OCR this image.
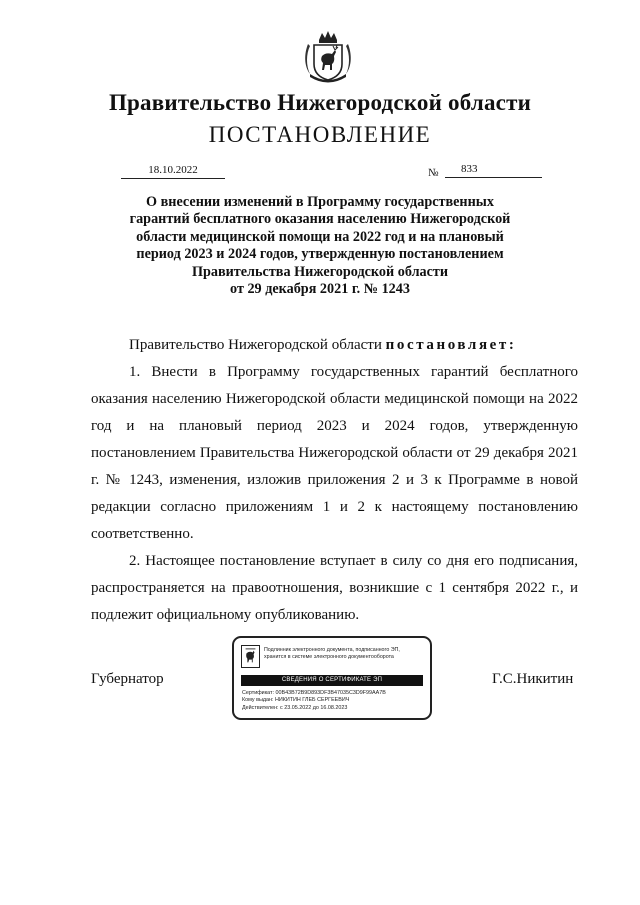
Правительство Нижегородской области
ПОСТАНОВЛЕНИЕ
18.10.2022	№ 833
О внесении изменений в Программу государственных
гарантий бесплатного оказания населению Нижегородской
области медицинской помощи на 2022 год и на плановый
период 2023 и 2024 годов, утвержденную постановлением
Правительства Нижегородской области
от 29 декабря 2021 г. № 1243
Правительство Нижегородской области постановляет:
1. Внести в Программу государственных гарантий бесплатного оказания населению Нижегородской области медицинской помощи на 2022 год и на плановый период 2023 и 2024 годов, утвержденную постановлением Правительства Нижегородской области от 29 декабря 2021 г. № 1243, изменения, изложив приложения 2 и 3 к Программе в новой редакции согласно приложениям 1 и 2 к настоящему постановлению соответственно.
2. Настоящее постановление вступает в силу со дня его подписания, распространяется на правоотношения, возникшие с 1 сентября 2022 г., и подлежит официальному опубликованию.
Губернатор	Г.С.Никитин
Подлинник электронного документа, подписанного ЭП,
хранится в системе электронного документооборота
СВЕДЕНИЯ О СЕРТИФИКАТЕ ЭП
Сертификат: 00B43B72B9D893DF3B47035C3D9F99AA7B
Кому выдан: НИКИТИН ГЛЕБ СЕРГЕЕВИЧ
Действителен: с 23.05.2022 до 16.08.2023
